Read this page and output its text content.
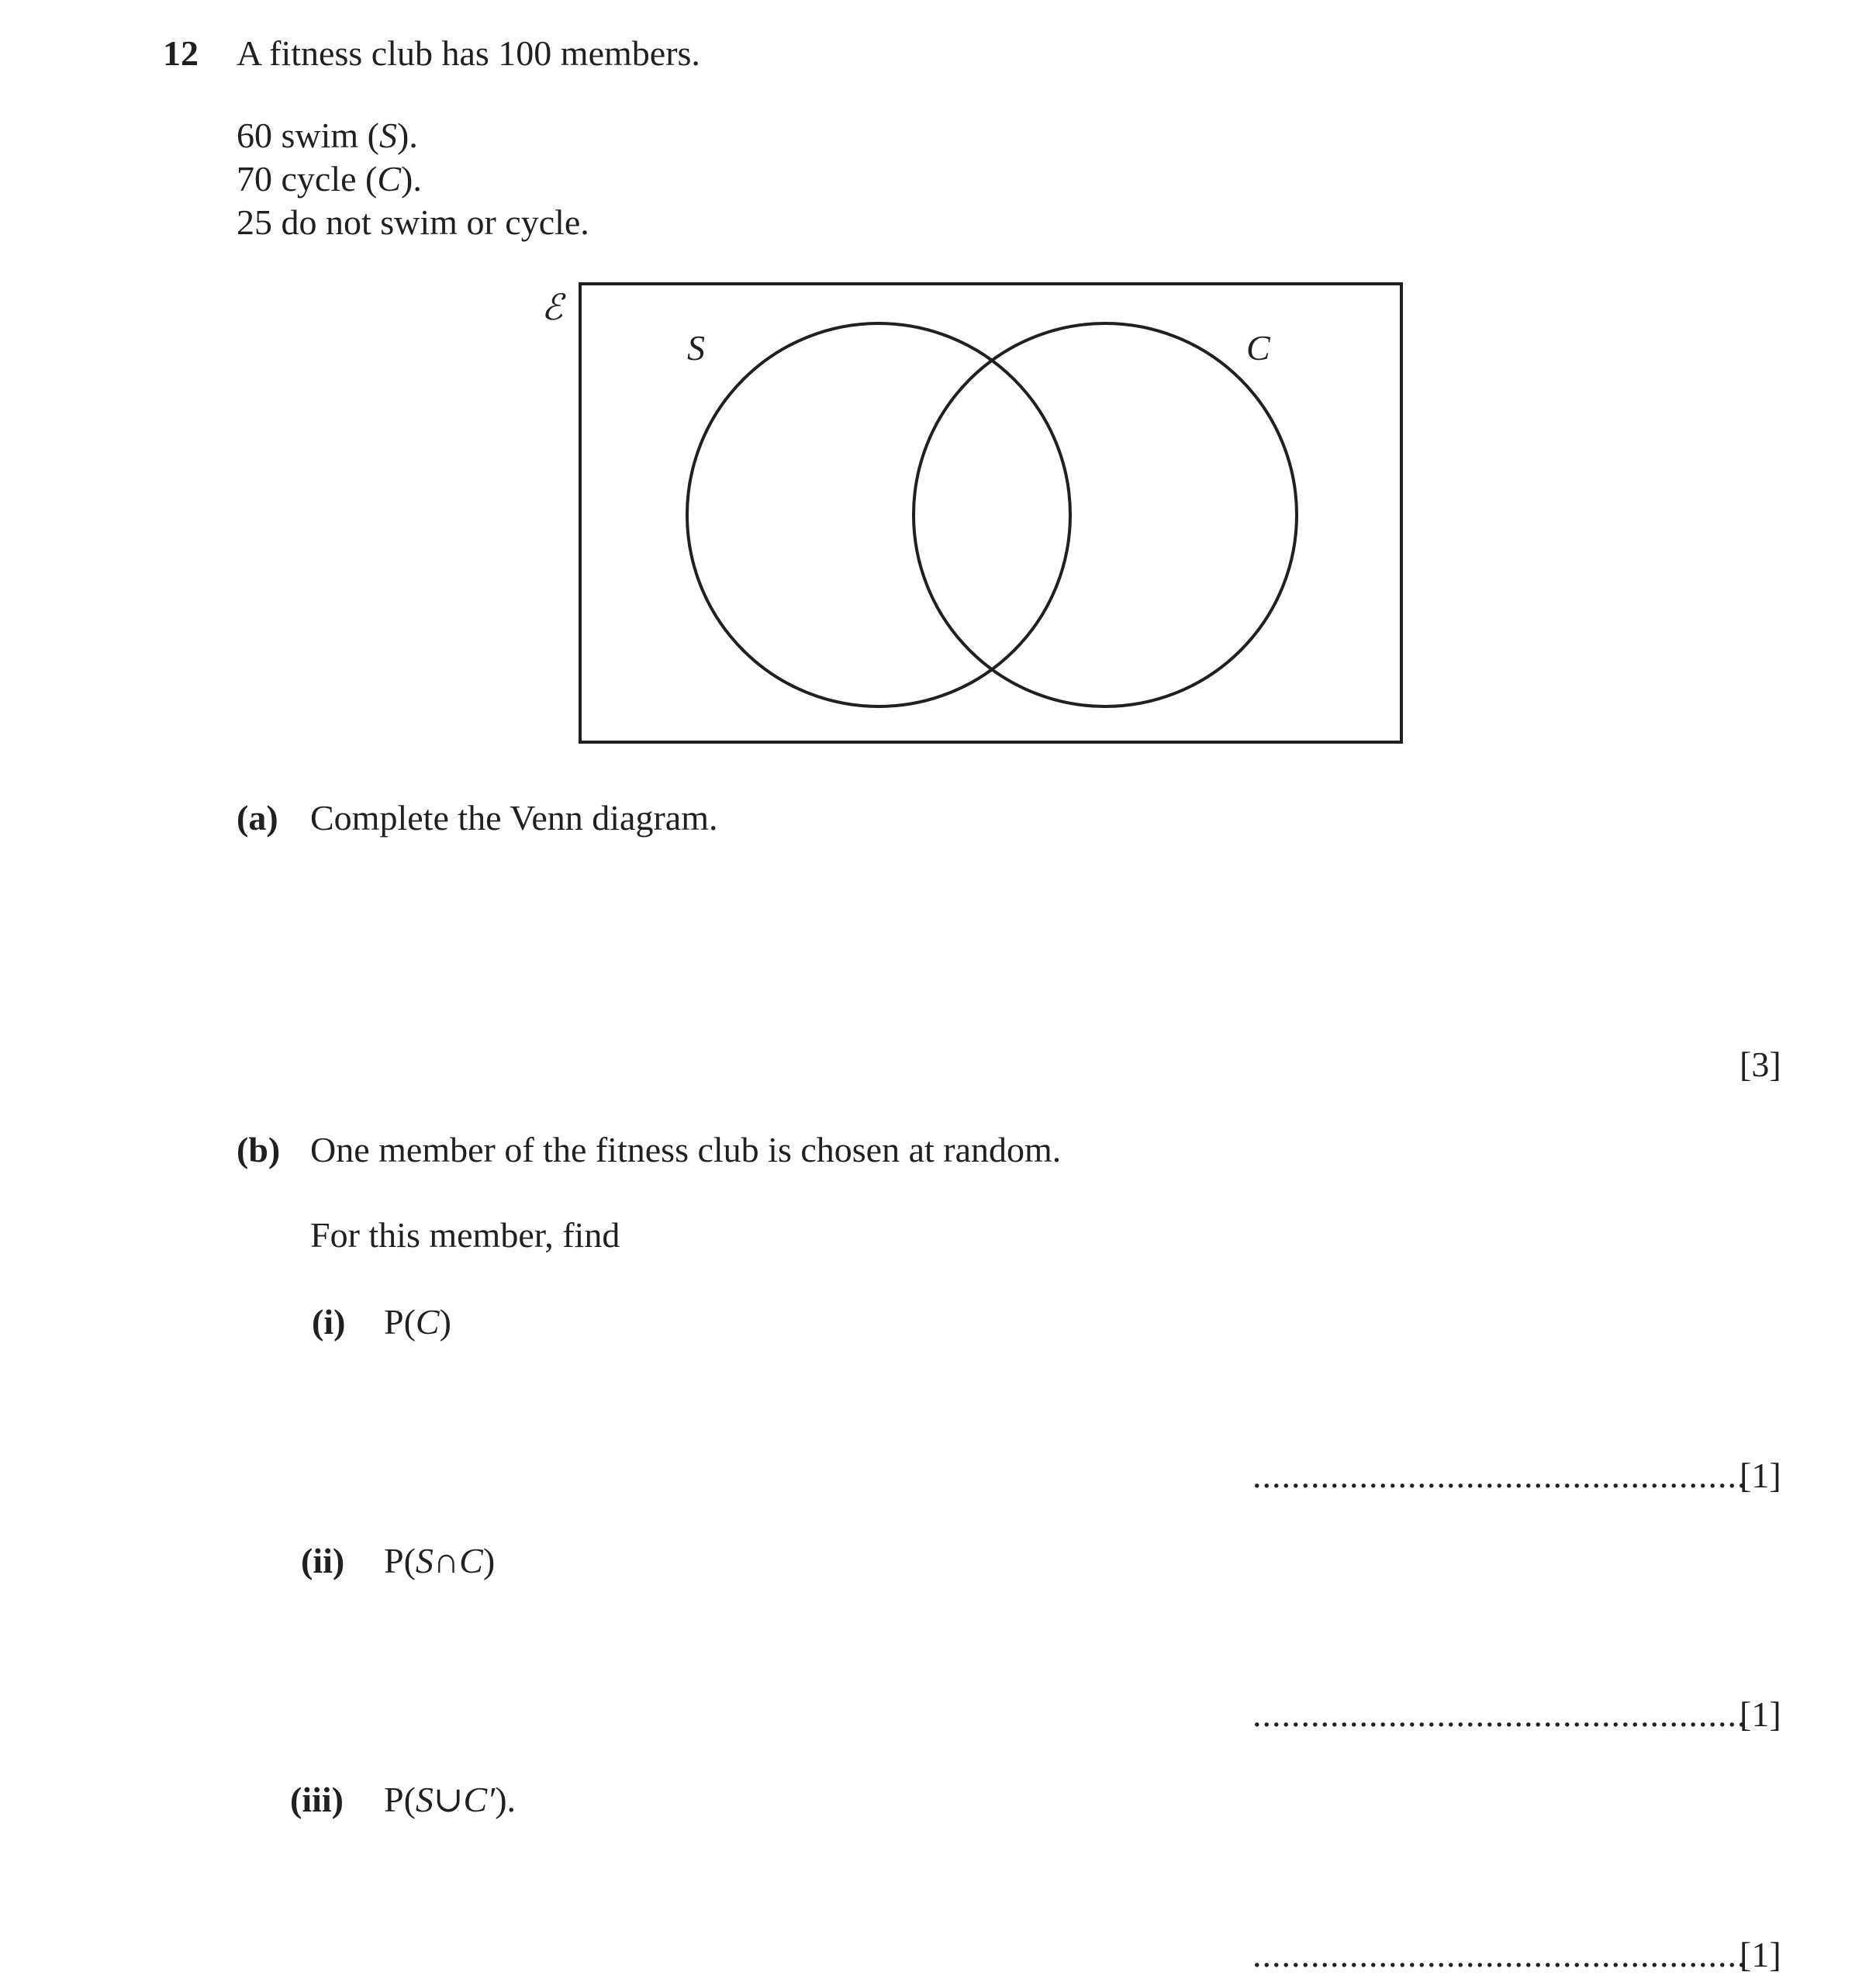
12 A fitness club has 100 members.
60 swim (S).
70 cycle (C).
25 do not swim or cycle.
ℰ
S	C
(a) Complete the Venn diagram.
[3]
(b) One member of the fitness club is chosen at random.
For this member, find
(i) P(C)
...................................................
[1]
(ii) P(S∩C)
...................................................
[1]
(iii) P(S∪C′).
...................................................
[1]
